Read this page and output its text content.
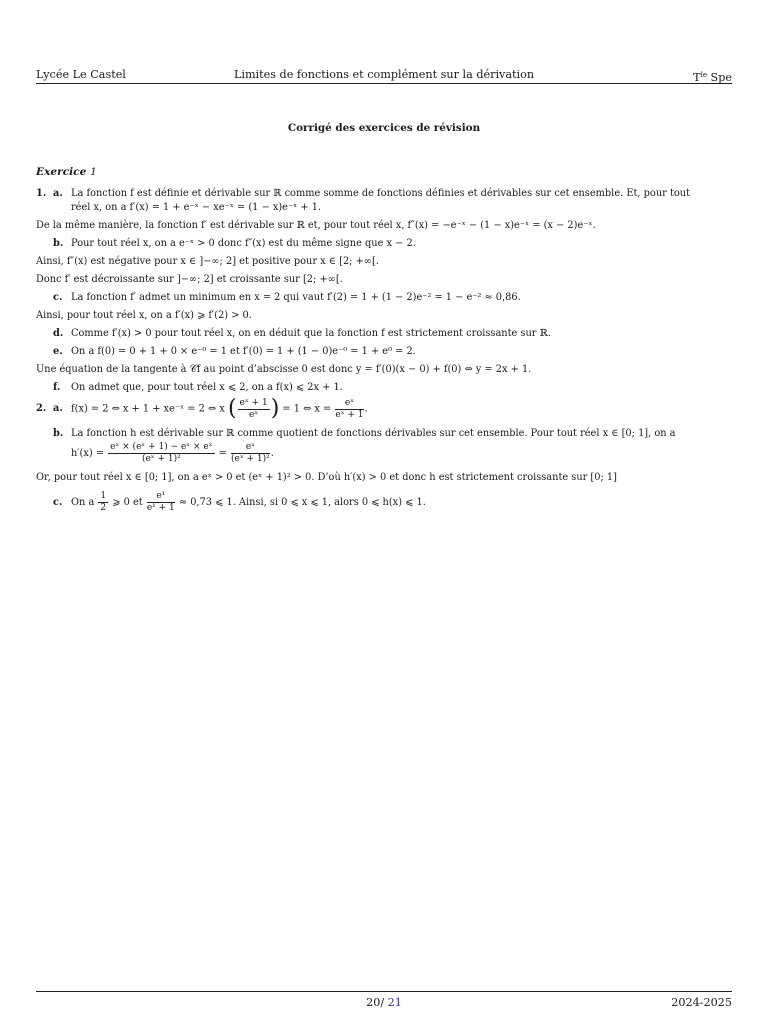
Lycée Le Castel	Limites de fonctions et complément sur la dérivation	$T^{le}$ Spe
Corrigé des exercices de révision
Exercice 1
1. a. La fonction f est définie et dérivable sur ℝ comme somme de fonctions définies et dérivables sur cet ensemble. Et, pour tout
réel x, on a f′(x) = 1 + e⁻ˣ − xe⁻ˣ = (1 − x)e⁻ˣ + 1.
De la même manière, la fonction f′ est dérivable sur ℝ et, pour tout réel x, f″(x) = −e⁻ˣ − (1 − x)e⁻ˣ = (x − 2)e⁻ˣ.
b. Pour tout réel x, on a e⁻ˣ > 0 donc f″(x) est du même signe que x − 2.
Ainsi, f″(x) est négative pour x ∈ ]−∞; 2] et positive pour x ∈ [2; +∞[.
Donc f′ est décroissante sur ]−∞; 2] et croissante sur [2; +∞[.
c. La fonction f′ admet un minimum en x = 2 qui vaut f′(2) = 1 + (1 − 2)e⁻² = 1 − e⁻² ≈ 0,86.
Ainsi, pour tout réel x, on a f′(x) ⩾ f′(2) > 0.
d. Comme f′(x) > 0 pour tout réel x, on en déduit que la fonction f est strictement croissante sur ℝ.
e. On a f(0) = 0 + 1 + 0 × e⁻⁰ = 1 et f′(0) = 1 + (1 − 0)e⁻⁰ = 1 + e⁰ = 2.
Une équation de la tangente à 𝒞f au point d’abscisse 0 est donc y = f′(0)(x − 0) + f(0) ⇔ y = 2x + 1.
f. On admet que, pour tout réel x ⩽ 2, on a f(x) ⩽ 2x + 1.
2. a. f(x) = 2 ⇔ x + 1 + xe⁻ˣ = 2 ⇔ x ( $\frac{\text{eˣ + 1}}{\text{eˣ}}$ ) = 1 ⇔ $x = \frac{\text{eˣ}}{\text{eˣ + 1}}$ .
b. La fonction h est dérivable sur ℝ comme quotient de fonctions dérivables sur cet ensemble. Pour tout réel x ∈ [0; 1], on a
$h'(x) = \frac{\text{eˣ × (eˣ + 1) − eˣ × eˣ}}{\text{(eˣ + 1)²}} = \frac{\text{eˣ}}{\text{(eˣ + 1)²}}$ .
Or, pour tout réel x ∈ [0; 1], on a eˣ > 0 et (eˣ + 1)² > 0. D’où h′(x) > 0 et donc h est strictement croissante sur [0; 1]
c. On a $\frac{1}{2}$ ⩾ 0 et $\frac{\text{e¹}}{\text{e¹ + 1}} \approx 0,73$ ⩽ 1. Ainsi, si 0 ⩽ x ⩽ 1, alors 0 ⩽ h(x) ⩽ 1.
20/ 21	2024-2025
